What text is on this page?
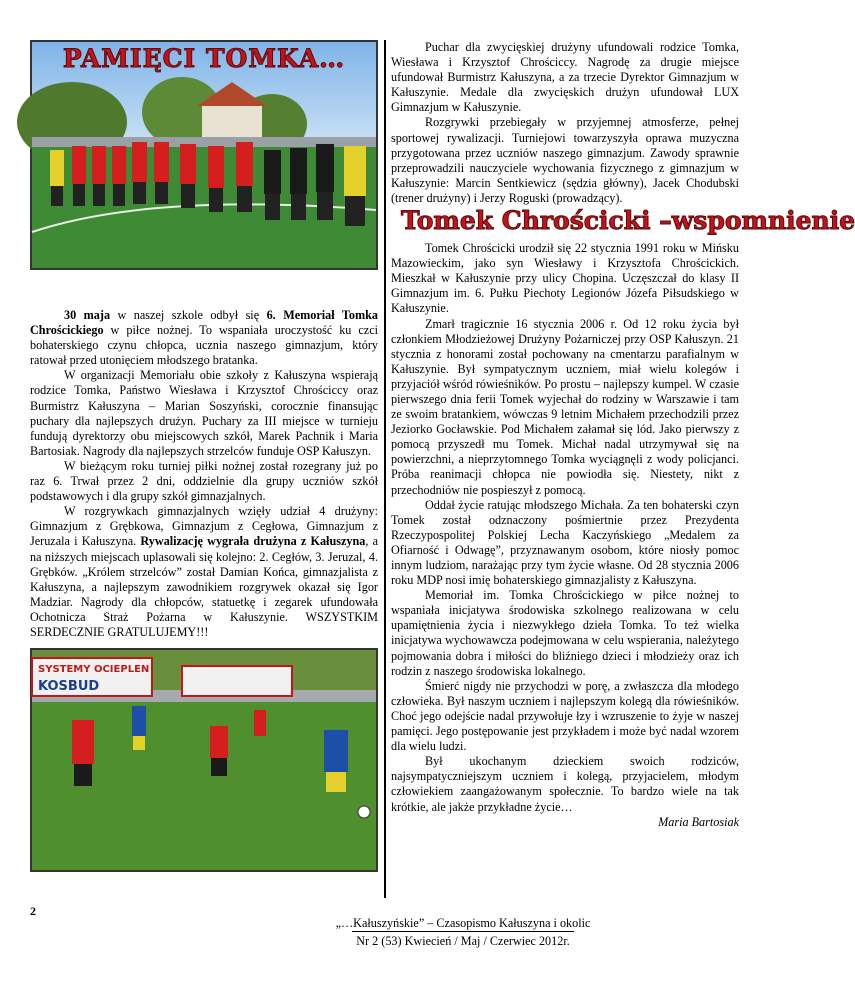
PAMIĘCI TOMKA…

30 maja w naszej szkole odbył się 6. Memoriał Tomka Chrościckiego w piłce nożnej. To wspaniała uroczystość ku czci bohaterskiego czynu chłopca, ucznia naszego gimnazjum, który ratował przed utonięciem młodszego bratanka.

W organizacji Memoriału obie szkoły z Kałuszyna wspierają rodzice Tomka, Państwo Wiesława i Krzysztof Chrościccy oraz Burmistrz Kałuszyna – Marian Soszyński, corocznie finansując puchary dla najlepszych drużyn. Puchary za III miejsce w turnieju fundują dyrektorzy obu miejscowych szkół, Marek Pachnik i Maria Bartosiak. Nagrody dla najlepszych strzelców funduje OSP Kałuszyn.

W bieżącym roku turniej piłki nożnej został rozegrany już po raz 6. Trwał przez 2 dni, oddzielnie dla grupy uczniów szkół podstawowych i dla grupy szkół gimnazjalnych.

W rozgrywkach gimnazjalnych wzięły udział 4 drużyny: Gimnazjum z Grębkowa, Gimnazjum z Cegłowa, Gimnazjum z Jeruzala i Kałuszyna. Rywalizację wygrała drużyna z Kałuszyna, a na niższych miejscach uplasowali się kolejno: 2. Cegłów, 3. Jeruzal, 4. Grębków. „Królem strzelców” został Damian Końca, gimnazjalista z Kałuszyna, a najlepszym zawodnikiem rozgrywek okazał się Igor Madziar. Nagrody dla chłopców, statuetkę i zegarek ufundowała Ochotnicza Straż Pożarna w Kałuszynie. WSZYSTKIM SERDECZNIE GRATULUJEMY!!!

SYSTEMY OCIEPLEN
KOSBUD

Puchar dla zwycięskiej drużyny ufundowali rodzice Tomka, Wiesława i Krzysztof Chrościccy. Nagrodę za drugie miejsce ufundował Burmistrz Kałuszyna, a za trzecie Dyrektor Gimnazjum w Kałuszynie. Medale dla zwycięskich drużyn ufundował LUX Gimnazjum w Kałuszynie.

Rozgrywki przebiegały w przyjemnej atmosferze, pełnej sportowej rywalizacji. Turniejowi towarzyszyła oprawa muzyczna przygotowana przez uczniów naszego gimnazjum. Zawody sprawnie przeprowadzili nauczyciele wychowania fizycznego z gimnazjum w Kałuszynie: Marcin Sentkiewicz (sędzia główny), Jacek Chodubski (trener drużyny) i Jerzy Roguski (prowadzący).

Tomek Chrościcki –wspomnienie

Tomek Chrościcki urodził się 22 stycznia 1991 roku w Mińsku Mazowieckim, jako syn Wiesławy i Krzysztofa Chrościckich. Mieszkał w Kałuszynie przy ulicy Chopina. Uczęszczał do klasy II Gimnazjum im. 6. Pułku Piechoty Legionów Józefa Piłsudskiego w Kałuszynie.

Zmarł tragicznie 16 stycznia 2006 r. Od 12 roku życia był członkiem Młodzieżowej Drużyny Pożarniczej przy OSP Kałuszyn. 21 stycznia z honorami został pochowany na cmentarzu parafialnym w Kałuszynie. Był sympatycznym uczniem, miał wielu kolegów i przyjaciół wśród rówieśników. Po prostu – najlepszy kumpel. W czasie pierwszego dnia ferii Tomek wyjechał do rodziny w Warszawie i tam ze swoim bratankiem, wówczas 9 letnim Michałem przechodzili przez Jeziorko Gocławskie. Pod Michałem załamał się lód. Jako pierwszy z pomocą przyszedł mu Tomek. Michał nadal utrzymywał się na powierzchni, a nieprzytomnego Tomka wyciągnęli z wody policjanci. Próba reanimacji chłopca nie powiodła się. Niestety, nikt z przechodniów nie pospieszył z pomocą.

Oddał życie ratując młodszego Michała. Za ten bohaterski czyn Tomek został odznaczony pośmiertnie przez Prezydenta Rzeczypospolitej Polskiej Lecha Kaczyńskiego „Medalem za Ofiarność i Odwagę”, przyznawanym osobom, które niosły pomoc innym ludziom, narażając przy tym życie własne. Od 28 stycznia 2006 roku MDP nosi imię bohaterskiego gimnazjalisty z Kałuszyna.

Memoriał im. Tomka Chrościckiego w piłce nożnej to wspaniała inicjatywa środowiska szkolnego realizowana w celu upamiętnienia życia i niezwykłego dzieła Tomka. To też wielka inicjatywa wychowawcza podejmowana w celu wspierania, należytego pojmowania dobra i miłości do bliźniego dzieci i młodzieży oraz ich rodzin z naszego środowiska lokalnego.

Śmierć nigdy nie przychodzi w porę, a zwłaszcza dla młodego człowieka. Był naszym uczniem i najlepszym kolegą dla rówieśników. Choć jego odejście nadal przywołuje łzy i wzruszenie to żyje w naszej pamięci. Jego postępowanie jest przykładem i może być nadal wzorem dla wielu ludzi.

Był ukochanym dzieckiem swoich rodziców, najsympatyczniejszym uczniem i kolegą, przyjacielem, młodym człowiekiem zaangażowanym społecznie. To bardzo wiele na tak krótkie, ale jakże przykładne życie…

Maria Bartosiak
2
„…Kałuszyńskie” – Czasopismo Kałuszyna i okolic
Nr 2 (53) Kwiecień / Maj / Czerwiec 2012r.
